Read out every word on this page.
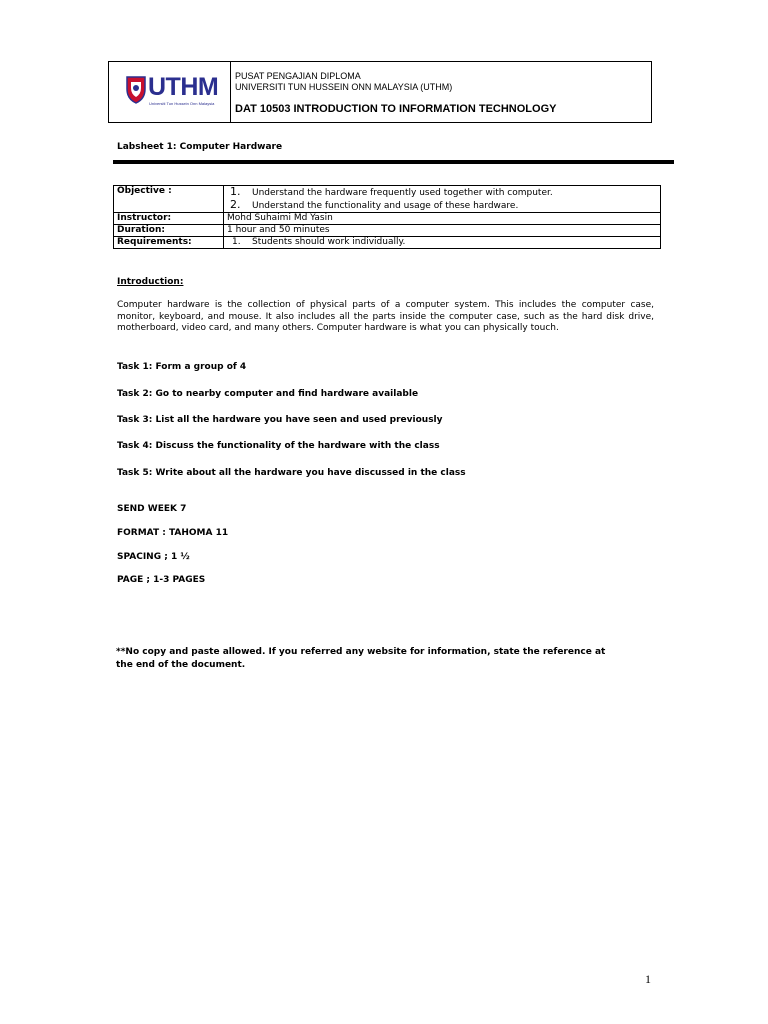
UTHM
Universiti Tun Hussein Onn Malaysia
PUSAT PENGAJIAN DIPLOMA
UNIVERSITI TUN HUSSEIN ONN MALAYSIA (UTHM)
DAT 10503 INTRODUCTION TO INFORMATION TECHNOLOGY
Labsheet 1: Computer Hardware
Objective :	1. Understand the hardware frequently used together with computer.
2. Understand the functionality and usage of these hardware.

Instructor:	Mohd Suhaimi Md Yasin
Duration:	1 hour and 50 minutes
Requirements:	1. Students should work individually.
Introduction:
Computer hardware is the collection of physical parts of a computer system. This includes the computer case, monitor, keyboard, and mouse. It also includes all the parts inside the computer case, such as the hard disk drive, motherboard, video card, and many others. Computer hardware is what you can physically touch.
Task 1: Form a group of 4
Task 2: Go to nearby computer and find hardware available
Task 3: List all the hardware you have seen and used previously
Task 4: Discuss the functionality of the hardware with the class
Task 5: Write about all the hardware you have discussed in the class
SEND WEEK 7
FORMAT : TAHOMA 11
SPACING ; 1 ½
PAGE ; 1-3 PAGES
**No copy and paste allowed. If you referred any website for information, state the reference at the end of the document.
1
